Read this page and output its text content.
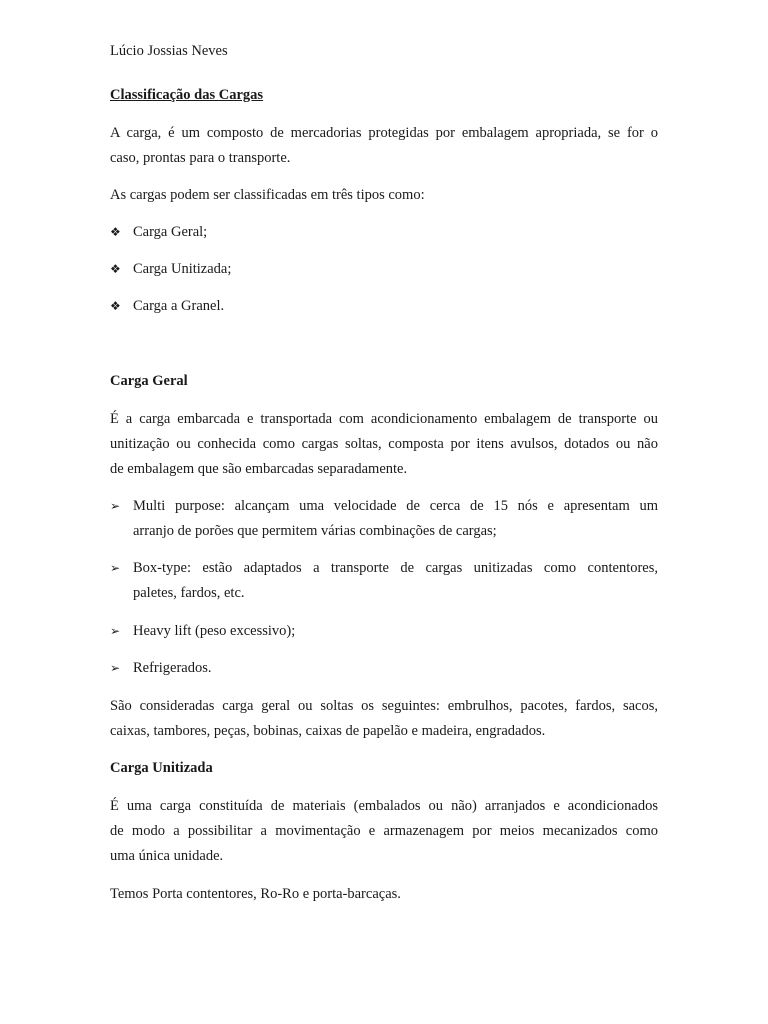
Lúcio Jossias Neves
Classificação das Cargas
A carga, é um composto de mercadorias protegidas por embalagem apropriada, se for o
caso, prontas para o transporte.
As cargas podem ser classificadas em três tipos como:
❖ Carga Geral;
❖ Carga Unitizada;
❖ Carga a Granel.
Carga Geral
É a carga embarcada e transportada com acondicionamento embalagem de transporte ou
unitização ou conhecida como cargas soltas, composta por itens avulsos, dotados ou não
de embalagem que são embarcadas separadamente.
➢ Multi purpose: alcançam uma velocidade de cerca de 15 nós e apresentam um
arranjo de porões que permitem várias combinações de cargas;
➢ Box-type: estão adaptados a transporte de cargas unitizadas como contentores,
paletes, fardos, etc.
➢ Heavy lift (peso excessivo);
➢ Refrigerados.
São consideradas carga geral ou soltas os seguintes: embrulhos, pacotes, fardos, sacos,
caixas, tambores, peças, bobinas, caixas de papelão e madeira, engradados.
Carga Unitizada
É uma carga constituída de materiais (embalados ou não) arranjados e acondicionados
de modo a possibilitar a movimentação e armazenagem por meios mecanizados como
uma única unidade.
Temos Porta contentores, Ro-Ro e porta-barcaças.
